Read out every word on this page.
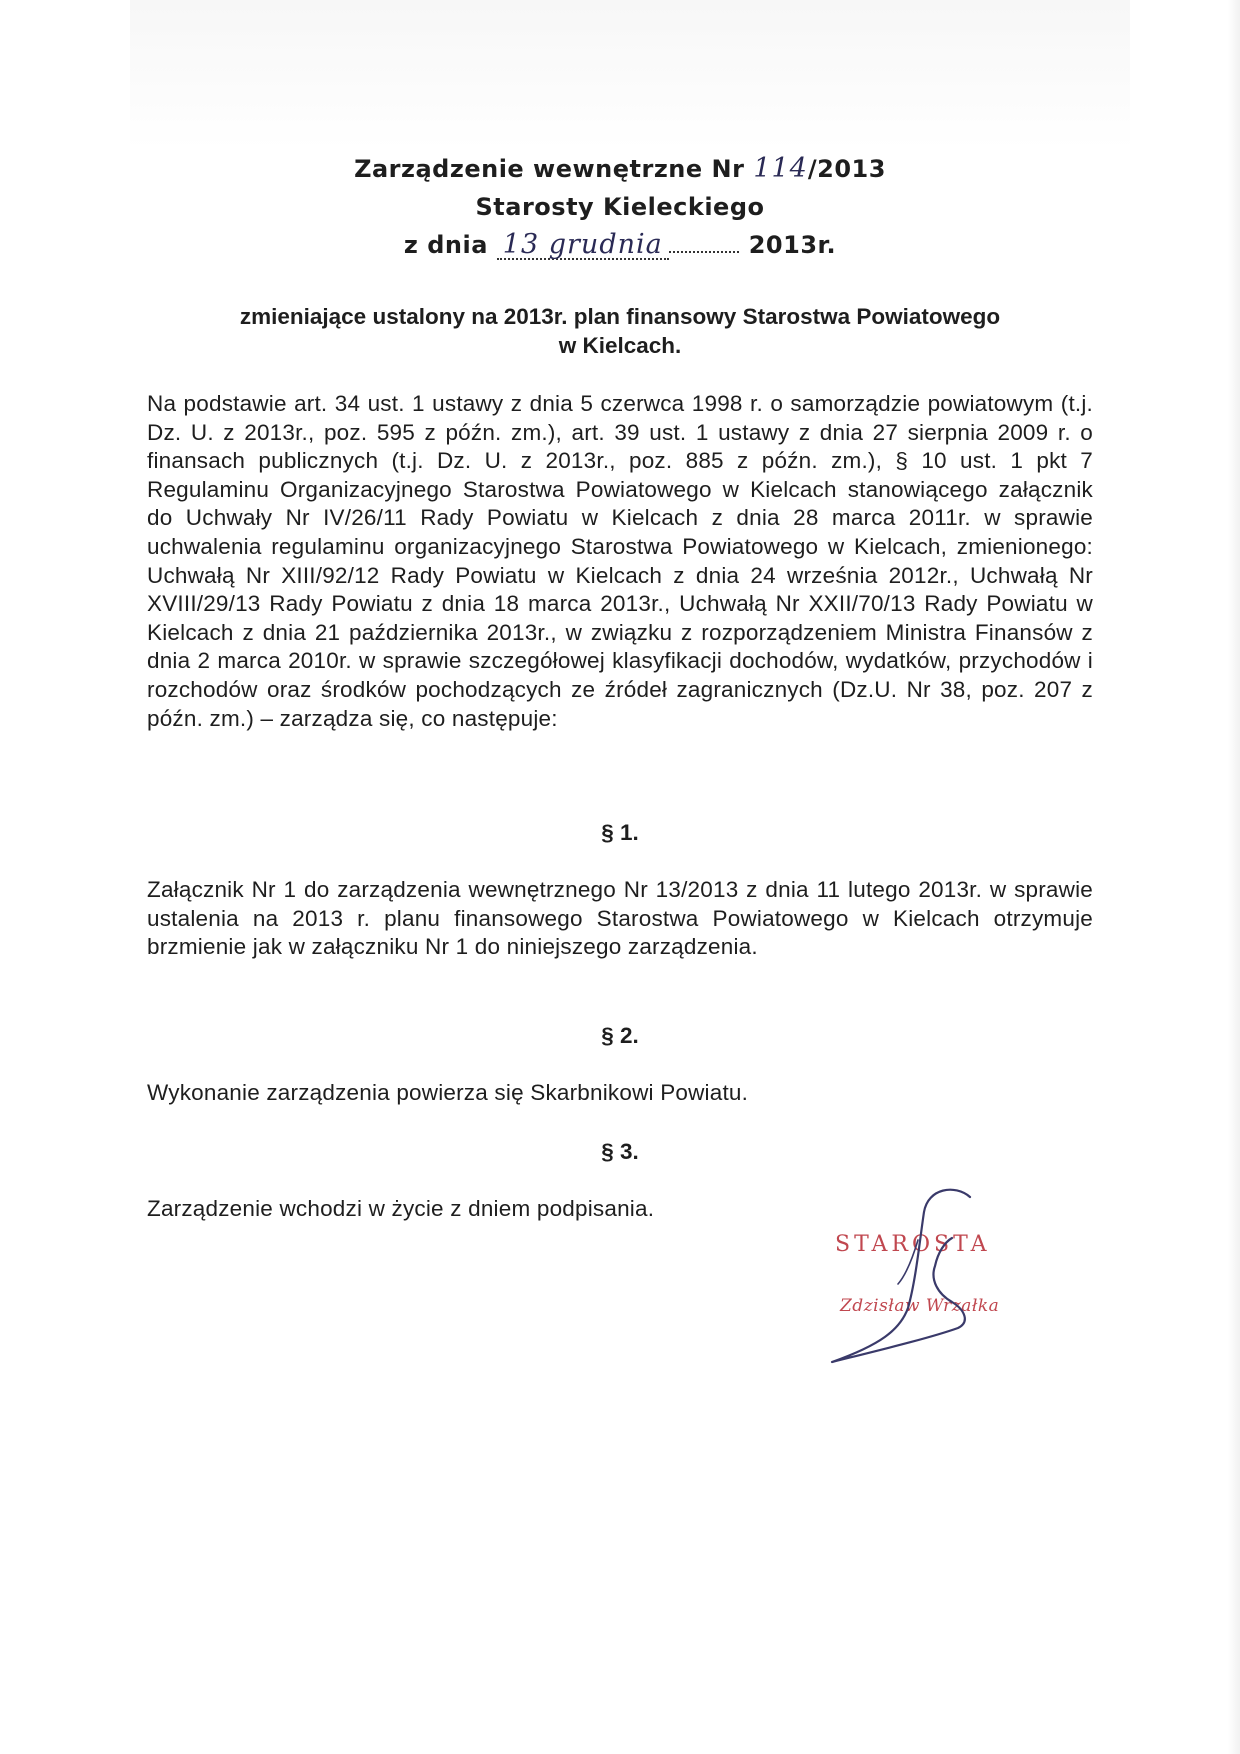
Zarządzenie wewnętrzne Nr 114/2013
Starosty Kieleckiego
z dnia 13 grudnia	2013r.
zmieniające ustalony na 2013r. plan finansowy Starostwa Powiatowego
w Kielcach.
Na podstawie art. 34 ust. 1 ustawy z dnia 5 czerwca 1998 r. o samorządzie powiatowym (t.j. Dz. U. z 2013r., poz. 595 z późn. zm.), art. 39 ust. 1 ustawy z dnia 27 sierpnia 2009 r. o finansach publicznych (t.j. Dz. U. z 2013r., poz. 885 z późn. zm.), § 10 ust. 1 pkt 7 Regulaminu Organizacyjnego Starostwa Powiatowego w Kielcach stanowiącego załącznik do Uchwały Nr IV/26/11 Rady Powiatu w Kielcach z dnia 28 marca 2011r. w sprawie uchwalenia regulaminu organizacyjnego Starostwa Powiatowego w Kielcach, zmienionego: Uchwałą Nr XIII/92/12 Rady Powiatu w Kielcach z dnia 24 września 2012r., Uchwałą Nr XVIII/29/13 Rady Powiatu z dnia 18 marca 2013r., Uchwałą Nr XXII/70/13 Rady Powiatu w Kielcach z dnia 21 października 2013r., w związku z rozporządzeniem Ministra Finansów z dnia 2 marca 2010r. w sprawie szczegółowej klasyfikacji dochodów, wydatków, przychodów i rozchodów oraz środków pochodzących ze źródeł zagranicznych (Dz.U. Nr 38, poz. 207 z późn. zm.) – zarządza się, co następuje:
§ 1.
Załącznik Nr 1 do zarządzenia wewnętrznego Nr 13/2013 z dnia 11 lutego 2013r. w sprawie ustalenia na 2013 r. planu finansowego Starostwa Powiatowego w Kielcach otrzymuje brzmienie jak w załączniku Nr 1 do niniejszego zarządzenia.
§ 2.
Wykonanie zarządzenia powierza się Skarbnikowi Powiatu.
§ 3.
Zarządzenie wchodzi w życie z dniem podpisania.
STAROSTA
Zdzisław Wrzałka
